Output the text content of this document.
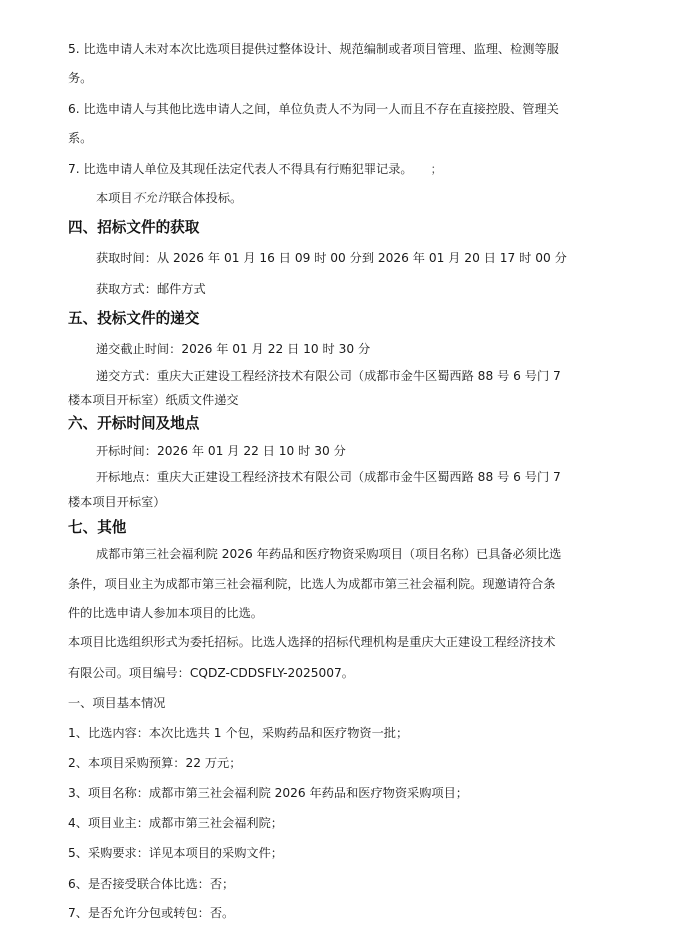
5. 比选申请人未对本次比选项目提供过整体设计、规范编制或者项目管理、监理、检测等服
务。
6. 比选申请人与其他比选申请人之间，单位负责人不为同一人而且不存在直接控股、管理关
系。
7. 比选申请人单位及其现任法定代表人不得具有行贿犯罪记录。 ；
本项目不允许联合体投标。
四、招标文件的获取
获取时间：从 2026 年 01 月 16 日 09 时 00 分到 2026 年 01 月 20 日 17 时 00 分
获取方式：邮件方式
五、投标文件的递交
递交截止时间：2026 年 01 月 22 日 10 时 30 分
递交方式：重庆大正建设工程经济技术有限公司（成都市金牛区蜀西路 88 号 6 号门 7
楼本项目开标室）纸质文件递交
六、开标时间及地点
开标时间：2026 年 01 月 22 日 10 时 30 分
开标地点：重庆大正建设工程经济技术有限公司（成都市金牛区蜀西路 88 号 6 号门 7
楼本项目开标室）
七、其他
成都市第三社会福利院 2026 年药品和医疗物资采购项目（项目名称）已具备必须比选
条件，项目业主为成都市第三社会福利院，比选人为成都市第三社会福利院。现邀请符合条
件的比选申请人参加本项目的比选。
本项目比选组织形式为委托招标。比选人选择的招标代理机构是重庆大正建设工程经济技术
有限公司。项目编号：CQDZ-CDDSFLY-2025007。
一、项目基本情况
1、比选内容：本次比选共 1 个包，采购药品和医疗物资一批；
2、本项目采购预算：22 万元；
3、项目名称：成都市第三社会福利院 2026 年药品和医疗物资采购项目；
4、项目业主：成都市第三社会福利院；
5、采购要求：详见本项目的采购文件；
6、是否接受联合体比选：否；
7、是否允许分包或转包：否。
